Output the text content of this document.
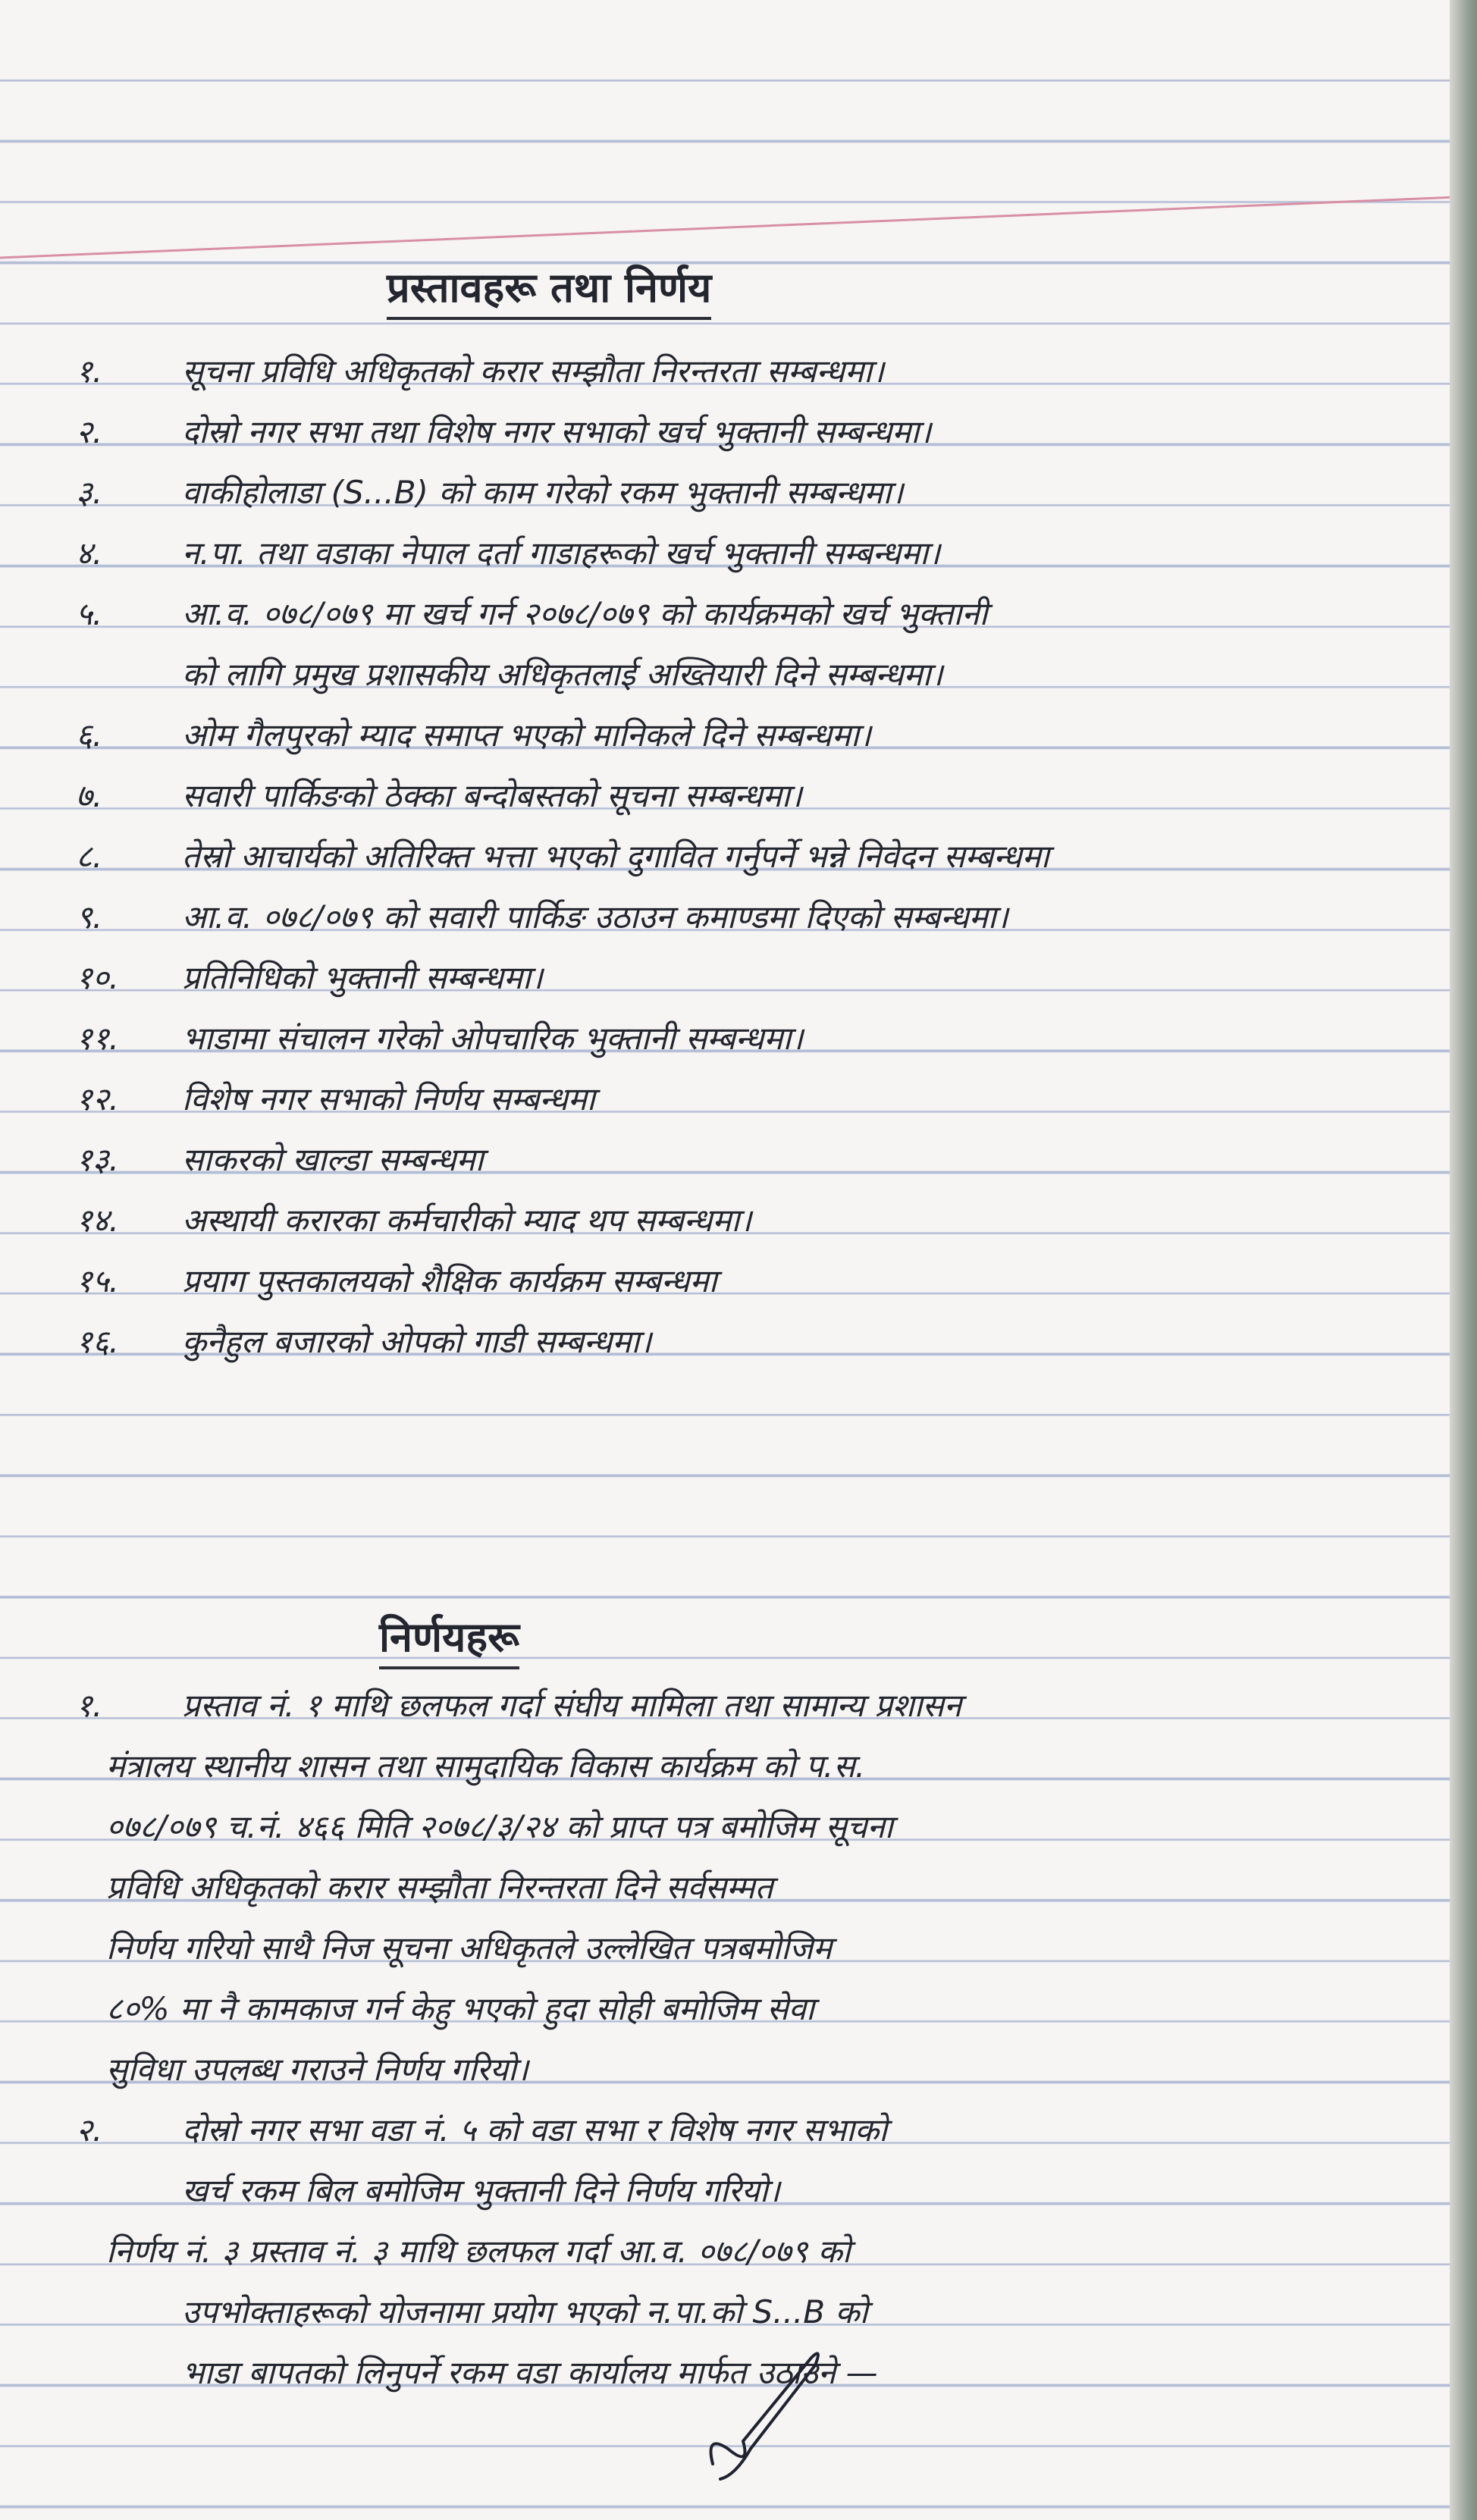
प्रस्तावहरू तथा निर्णय
१.	सूचना प्रविधि अधिकृतको करार सम्झौता निरन्तरता सम्बन्धमा।
२.	दोस्रो नगर सभा तथा विशेष नगर सभाको खर्च भुक्तानी सम्बन्धमा।
३.	वाकीहोलाडा (S...B) को काम गरेको रकम भुक्तानी सम्बन्धमा।
४.	न.पा. तथा वडाका नेपाल दर्ता गाडाहरूको खर्च भुक्तानी सम्बन्धमा।
५.	आ.व. ०७८/०७९ मा खर्च गर्न २०७८/०७९ को कार्यक्रमको खर्च भुक्तानी
को लागि प्रमुख प्रशासकीय अधिकृतलाई अख्तियारी दिने सम्बन्धमा।
६.	ओम गैलपुरको म्याद समाप्त भएको मानिकले दिने सम्बन्धमा।
७.	सवारी पार्किङको ठेक्का बन्दोबस्तको सूचना सम्बन्धमा।
८.	तेस्रो आचार्यको अतिरिक्त भत्ता भएको दुगावित गर्नुपर्ने भन्ने निवेदन सम्बन्धमा
९.	आ.व. ०७८/०७९ को सवारी पार्किङ उठाउन कमाण्डमा दिएको सम्बन्धमा।
१०.	प्रतिनिधिको भुक्तानी सम्बन्धमा।
११.	भाडामा संचालन गरेको ओपचारिक भुक्तानी सम्बन्धमा।
१२.	विशेष नगर सभाको निर्णय सम्बन्धमा
१३.	साकरको खाल्डा सम्बन्धमा
१४.	अस्थायी करारका कर्मचारीको म्याद थप सम्बन्धमा।
१५.	प्रयाग पुस्तकालयको शैक्षिक कार्यक्रम सम्बन्धमा
१६.	कुनैहुल बजारको ओपको गाडी सम्बन्धमा।
निर्णयहरू
१. प्रस्ताव नं. १ माथि छलफल गर्दा संघीय मामिला तथा सामान्य प्रशासन
मंत्रालय स्थानीय शासन तथा सामुदायिक विकास कार्यक्रम को प.स.
०७८/०७९ च.नं. ४६६ मिति २०७८/३/२४ को प्राप्त पत्र बमोजिम सूचना
प्रविधि अधिकृतको करार सम्झौता निरन्तरता दिने सर्वसम्मत
निर्णय गरियो साथै निज सूचना अधिकृतले उल्लेखित पत्रबमोजिम
८०% मा नै कामकाज गर्न केहु भएको हुदा सोही बमोजिम सेवा
सुविधा उपलब्ध गराउने निर्णय गरियो।
२. दोस्रो नगर सभा वडा नं. ५ को वडा सभा र विशेष नगर सभाको
खर्च रकम बिल बमोजिम भुक्तानी दिने निर्णय गरियो।
निर्णय नं. ३ प्रस्ताव नं. ३ माथि छलफल गर्दा आ.व. ०७८/०७९ को
उपभोक्ताहरूको योजनामा प्रयोग भएको न.पा.को S...B को
भाडा बापतको लिनुपर्ने रकम वडा कार्यालय मार्फत उठाउने —
